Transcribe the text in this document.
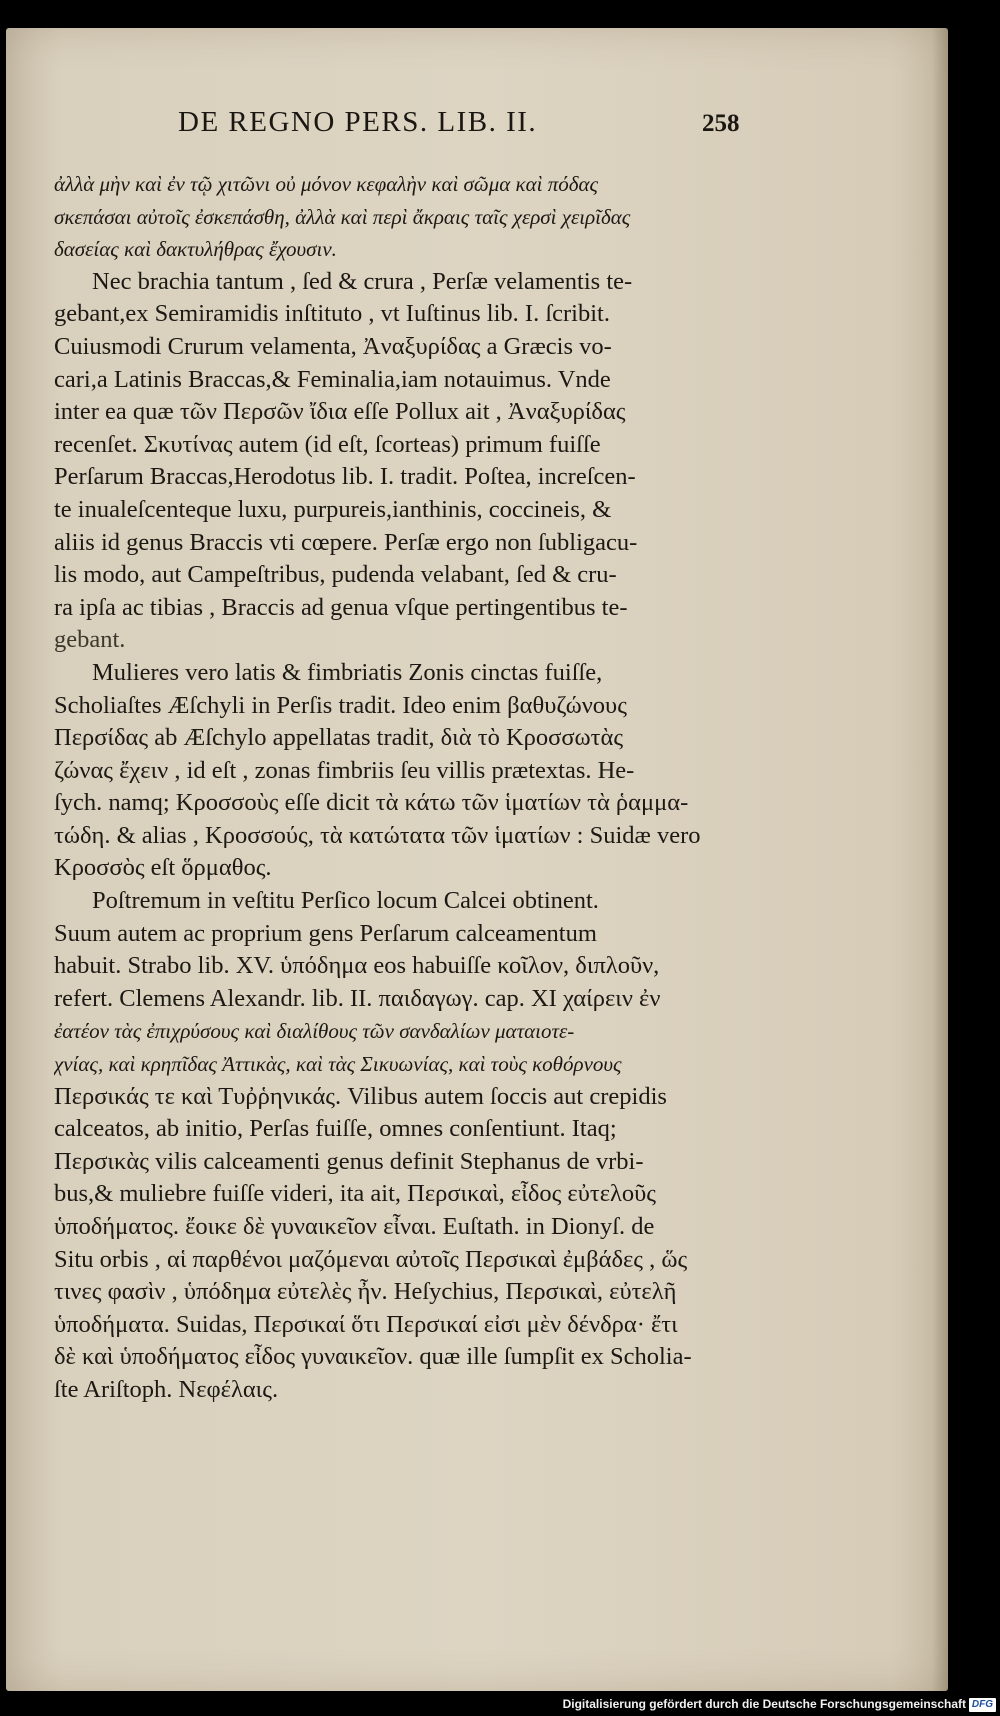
DE REGNO PERS. LIB. II.	258
ἀλλὰ μὴν καὶ ἐν τῷ χιτῶνι οὐ μόνον κεφαλὴν καὶ σῶμα καὶ πόδας
σκεπάσαι αὐτοῖς ἐσκεπάσθη, ἀλλὰ καὶ περὶ ἄκραις ταῖς χερσὶ χειρῖδας
δασείας καὶ δακτυλήθρας ἔχουσιν.
Nec brachia tantum , ſed & crura , Perſæ velamentis te-
gebant,ex Semiramidis inſtituto , vt Iuſtinus lib. I. ſcribit.
Cuiusmodi Crurum velamenta, Ἀναξυρίδας a Græcis vo-
cari,a Latinis Braccas,& Feminalia,iam notauimus. Vnde
inter ea quæ τῶν Περσῶν ἴδια eſſe Pollux ait , Ἀναξυρίδας
recenſet. Σκυτίνας autem (id eſt, ſcorteas) primum fuiſſe
Perſarum Braccas,Herodotus lib. I. tradit. Poſtea, increſcen-
te inualeſcenteque luxu, purpureis,ianthinis, coccineis, &
aliis id genus Braccis vti cœpere. Perſæ ergo non ſubligacu-
lis modo, aut Campeſtribus, pudenda velabant, ſed & cru-
ra ipſa ac tibias , Braccis ad genua vſque pertingentibus te-
gebant.
Mulieres vero latis & fimbriatis Zonis cinctas fuiſſe,
Scholiaſtes Æſchyli in Perſis tradit. Ideo enim βαθυζώνους
Περσίδας ab Æſchylo appellatas tradit, διὰ τὸ Κροσσωτὰς
ζώνας ἔχειν , id eſt , zonas fimbriis ſeu villis prætextas. He-
ſych. namq; Κροσσοὺς eſſe dicit τὰ κάτω τῶν ἱματίων τὰ ῥαμμα-
τώδη. & alias , Κροσσούς, τὰ κατώτατα τῶν ἱματίων : Suidæ vero
Κροσσὸς eſt ὅρμαθος.
Poſtremum in veſtitu Perſico locum Calcei obtinent.
Suum autem ac proprium gens Perſarum calceamentum
habuit. Strabo lib. XV. ὑπόδημα eos habuiſſe κοῖλον, διπλοῦν,
refert. Clemens Alexandr. lib. II. παιδαγωγ. cap. XI χαίρειν ἐν
ἐατέον τὰς ἐπιχρύσους καὶ διαλίθους τῶν σανδαλίων ματαιοτε-
χνίας, καὶ κρηπῖδας Ἀττικὰς, καὶ τὰς Σικυωνίας, καὶ τοὺς κοθόρνους
Περσικάς τε καὶ Τυῤῥηνικάς. Vilibus autem ſoccis aut crepidis
calceatos, ab initio, Perſas fuiſſe, omnes conſentiunt. Itaq;
Περσικὰς vilis calceamenti genus definit Stephanus de vrbi-
bus,& muliebre fuiſſe videri, ita ait, Περσικαὶ, εἶδος εὐτελοῦς
ὑποδήματος. ἔοικε δὲ γυναικεῖον εἶναι. Euſtath. in Dionyſ. de
Situ orbis , αἱ παρθένοι μαζόμεναι αὐτοῖς Περσικαὶ ἐμβάδες , ὥς
τινες φασὶν , ὑπόδημα εὐτελὲς ἦν. Heſychius, Περσικαὶ, εὐτελῆ
ὑποδήματα. Suidas, Περσικαί ὅτι Περσικαί εἰσι μὲν δένδρα· ἔτι
δὲ καὶ ὑποδήματος εἶδος γυναικεῖον. quæ ille ſumpſit ex Scholia-
ſte Ariſtoph. Νεφέλαις.
Digitalisierung gefördert durch die Deutsche Forschungsgemeinschaft DFG
